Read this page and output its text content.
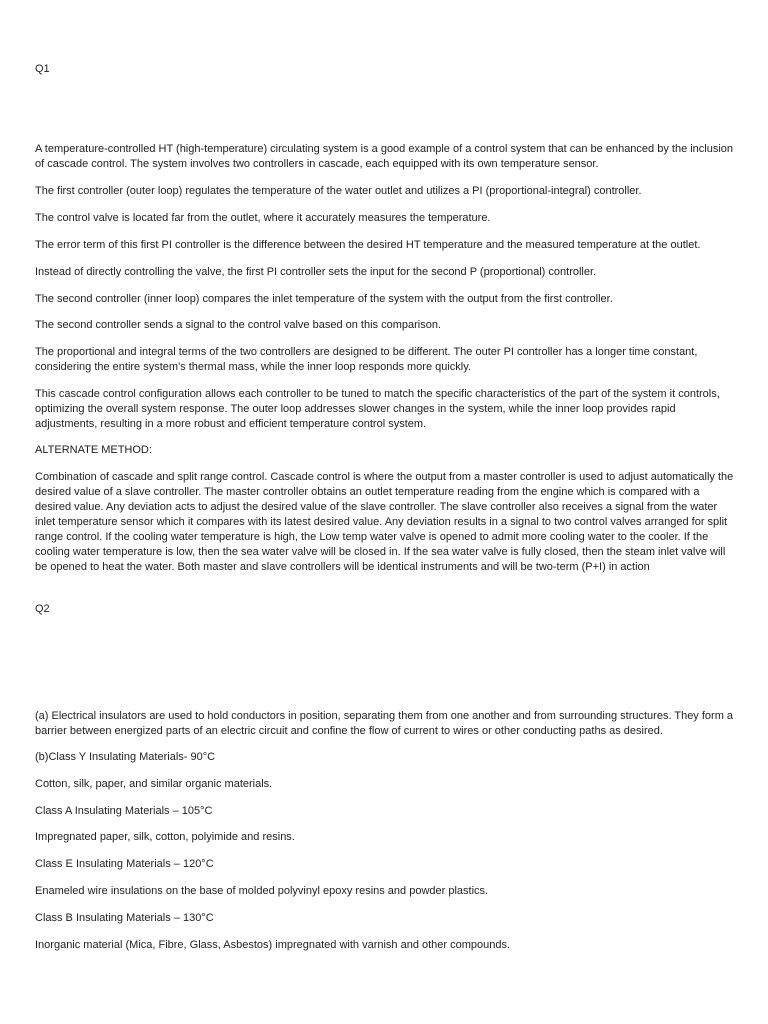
Q1

A temperature-controlled HT (high-temperature) circulating system is a good example of a control system that can be enhanced by the inclusion of cascade control. The system involves two controllers in cascade, each equipped with its own temperature sensor.

The first controller (outer loop) regulates the temperature of the water outlet and utilizes a PI (proportional-integral) controller.

The control valve is located far from the outlet, where it accurately measures the temperature.

The error term of this first PI controller is the difference between the desired HT temperature and the measured temperature at the outlet.

Instead of directly controlling the valve, the first PI controller sets the input for the second P (proportional) controller.

The second controller (inner loop) compares the inlet temperature of the system with the output from the first controller.

The second controller sends a signal to the control valve based on this comparison.

The proportional and integral terms of the two controllers are designed to be different. The outer PI controller has a longer time constant, considering the entire system's thermal mass, while the inner loop responds more quickly.

This cascade control configuration allows each controller to be tuned to match the specific characteristics of the part of the system it controls, optimizing the overall system response. The outer loop addresses slower changes in the system, while the inner loop provides rapid adjustments, resulting in a more robust and efficient temperature control system.

ALTERNATE METHOD:

Combination of cascade and split range control. Cascade control is where the output from a master controller is used to adjust automatically the desired value of a slave controller. The master controller obtains an outlet temperature reading from the engine which is compared with a desired value. Any deviation acts to adjust the desired value of the slave controller. The slave controller also receives a signal from the water inlet temperature sensor which it compares with its latest desired value. Any deviation results in a signal to two control valves arranged for split range control. If the cooling water temperature is high, the Low temp water valve is opened to admit more cooling water to the cooler. If the cooling water temperature is low, then the sea water valve will be closed in. If the sea water valve is fully closed, then the steam inlet valve will be opened to heat the water. Both master and slave controllers will be identical instruments and will be two-term (P+I) in action

Q2

(a) Electrical insulators are used to hold conductors in position, separating them from one another and from surrounding structures. They form a barrier between energized parts of an electric circuit and confine the flow of current to wires or other conducting paths as desired.

(b)Class Y Insulating Materials- 90°C

Cotton, silk, paper, and similar organic materials.

Class A Insulating Materials – 105°C

Impregnated paper, silk, cotton, polyimide and resins.

Class E Insulating Materials – 120°C

Enameled wire insulations on the base of molded polyvinyl epoxy resins and powder plastics.

Class B Insulating Materials – 130°C

Inorganic material (Mica, Fibre, Glass, Asbestos) impregnated with varnish and other compounds.
